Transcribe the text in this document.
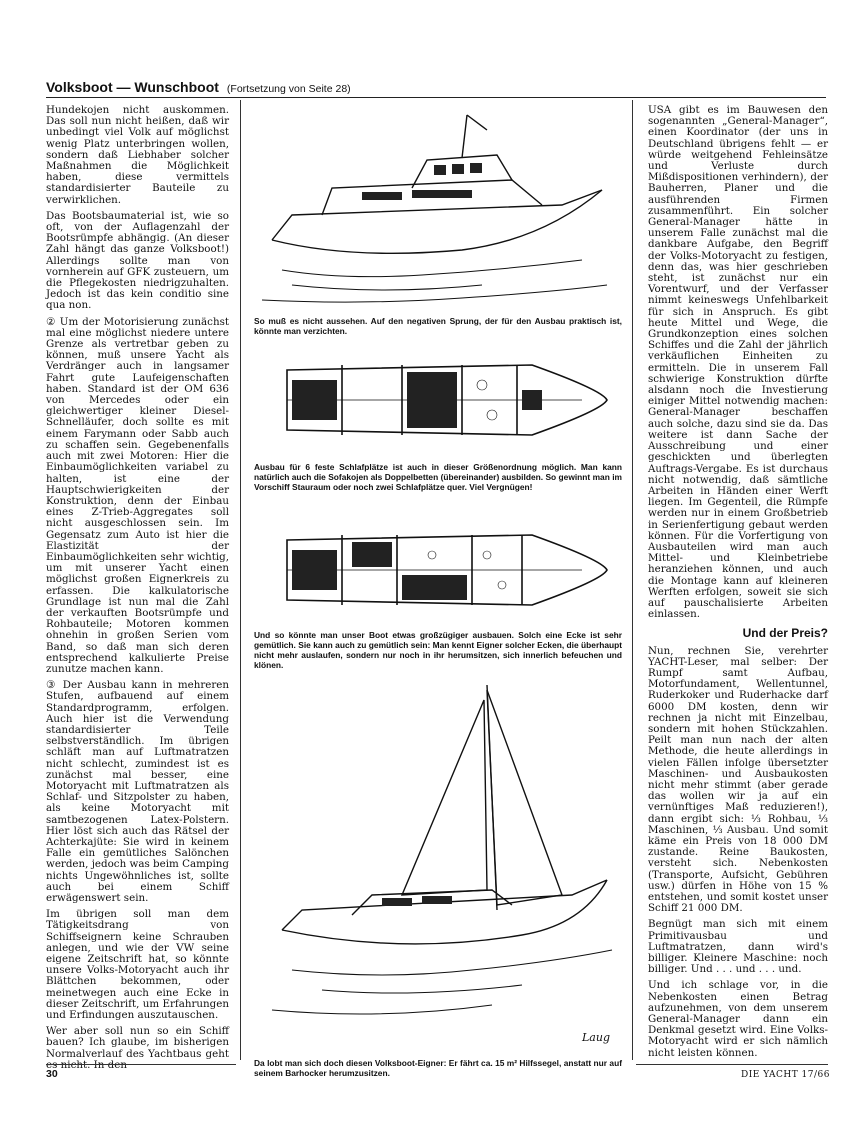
Volksboot — Wunschboot (Fortsetzung von Seite 28)

Hundekojen nicht auskommen. Das soll nun nicht heißen, daß wir unbedingt viel Volk auf möglichst wenig Platz unterbringen wollen, sondern daß Liebhaber solcher Maßnahmen die Möglichkeit haben, diese vermittels standardisierter Bauteile zu verwirklichen.

Das Bootsbaumaterial ist, wie so oft, von der Auflagenzahl der Bootsrümpfe abhängig. (An dieser Zahl hängt das ganze Volksboot!) Allerdings sollte man von vornherein auf GFK zusteuern, um die Pflegekosten niedrigzuhalten. Jedoch ist das kein conditio sine qua non.

② Um der Motorisierung zunächst mal eine möglichst niedere untere Grenze als vertretbar geben zu können, muß unsere Yacht als Verdränger auch in langsamer Fahrt gute Laufeigenschaften haben. Standard ist der OM 636 von Mercedes oder ein gleichwertiger kleiner Diesel-Schnelläufer, doch sollte es mit einem Farymann oder Sabb auch zu schaffen sein. Gegebenenfalls auch mit zwei Motoren: Hier die Einbaumöglichkeiten variabel zu halten, ist eine der Hauptschwierigkeiten der Konstruktion, denn der Einbau eines Z-Trieb-Aggregates soll nicht ausgeschlossen sein. Im Gegensatz zum Auto ist hier die Elastizität der Einbaumöglichkeiten sehr wichtig, um mit unserer Yacht einen möglichst großen Eignerkreis zu erfassen. Die kalkulatorische Grundlage ist nun mal die Zahl der verkauften Bootsrümpfe und Rohbauteile; Motoren kommen ohnehin in großen Serien vom Band, so daß man sich deren entsprechend kalkulierte Preise zunutze machen kann.

③ Der Ausbau kann in mehreren Stufen, aufbauend auf einem Standardprogramm, erfolgen. Auch hier ist die Verwendung standardisierter Teile selbstverständlich. Im übrigen schläft man auf Luftmatratzen nicht schlecht, zumindest ist es zunächst mal besser, eine Motoryacht mit Luftmatratzen als Schlaf- und Sitzpolster zu haben, als keine Motoryacht mit samtbezogenen Latex-Polstern. Hier löst sich auch das Rätsel der Achterkajüte: Sie wird in keinem Falle ein gemütliches Salönchen werden, jedoch was beim Camping nichts Ungewöhnliches ist, sollte auch bei einem Schiff erwägenswert sein.

Im übrigen soll man dem Tätigkeitsdrang von Schiffseignern keine Schrauben anlegen, und wie der VW seine eigene Zeitschrift hat, so könnte unsere Volks-Motoryacht auch ihr Blättchen bekommen, oder meinetwegen auch eine Ecke in dieser Zeitschrift, um Erfahrungen und Erfindungen auszutauschen.

Wer aber soll nun so ein Schiff bauen? Ich glaube, im bisherigen Normalverlauf des Yachtbaus geht es nicht. In den

So muß es nicht aussehen. Auf den negativen Sprung, der für den Ausbau praktisch ist, könnte man verzichten.
Ausbau für 6 feste Schlafplätze ist auch in dieser Größenordnung möglich. Man kann natürlich auch die Sofakojen als Doppelbetten (übereinander) ausbilden. So gewinnt man im Vorschiff Stauraum oder noch zwei Schlafplätze quer. Viel Vergnügen!
Und so könnte man unser Boot etwas großzügiger ausbauen. Solch eine Ecke ist sehr gemütlich. Sie kann auch zu gemütlich sein: Man kennt Eigner solcher Ecken, die überhaupt nicht mehr auslaufen, sondern nur noch in ihr herumsitzen, sich innerlich befeuchen und klönen.
Laug
Da lobt man sich doch diesen Volksboot-Eigner: Er fährt ca. 15 m² Hilfssegel, anstatt nur auf seinem Barhocker herumzusitzen.

USA gibt es im Bauwesen den sogenannten „General-Manager“, einen Koordinator (der uns in Deutschland übrigens fehlt — er würde weitgehend Fehleinsätze und Verluste durch Mißdispositionen verhindern), der Bauherren, Planer und die ausführenden Firmen zusammenführt. Ein solcher General-Manager hätte in unserem Falle zunächst mal die dankbare Aufgabe, den Begriff der Volks-Motoryacht zu festigen, denn das, was hier geschrieben steht, ist zunächst nur ein Vorentwurf, und der Verfasser nimmt keineswegs Unfehlbarkeit für sich in Anspruch. Es gibt heute Mittel und Wege, die Grundkonzeption eines solchen Schiffes und die Zahl der jährlich verkäuflichen Einheiten zu ermitteln. Die in unserem Fall schwierige Konstruktion dürfte alsdann noch die Investierung einiger Mittel notwendig machen: General-Manager beschaffen auch solche, dazu sind sie da. Das weitere ist dann Sache der Ausschreibung und einer geschickten und überlegten Auftrags-Vergabe. Es ist durchaus nicht notwendig, daß sämtliche Arbeiten in Händen einer Werft liegen. Im Gegenteil, die Rümpfe werden nur in einem Großbetrieb in Serienfertigung gebaut werden können. Für die Vorfertigung von Ausbauteilen wird man auch Mittel- und Kleinbetriebe heranziehen können, und auch die Montage kann auf kleineren Werften erfolgen, soweit sie sich auf pauschalisierte Arbeiten einlassen.

Und der Preis?

Nun, rechnen Sie, verehrter YACHT-Leser, mal selber: Der Rumpf samt Aufbau, Motorfundament, Wellentunnel, Ruderkoker und Ruderhacke darf 6000 DM kosten, denn wir rechnen ja nicht mit Einzelbau, sondern mit hohen Stückzahlen. Peilt man nun nach der alten Methode, die heute allerdings in vielen Fällen infolge übersetzter Maschinen- und Ausbaukosten nicht mehr stimmt (aber gerade das wollen wir ja auf ein vernünftiges Maß reduzieren!), dann ergibt sich: ⅓ Rohbau, ⅓ Maschinen, ⅓ Ausbau. Und somit käme ein Preis von 18 000 DM zustande. Reine Baukosten, versteht sich. Nebenkosten (Transporte, Aufsicht, Gebühren usw.) dürfen in Höhe von 15 % entstehen, und somit kostet unser Schiff 21 000 DM.

Begnügt man sich mit einem Primitivausbau und Luftmatratzen, dann wird's billiger. Kleinere Maschine: noch billiger. Und . . . und . . . und.

Und ich schlage vor, in die Nebenkosten einen Betrag aufzunehmen, von dem unserem General-Manager dann ein Denkmal gesetzt wird. Eine Volks-Motoryacht wird er sich nämlich nicht leisten können.

30	DIE YACHT 17/66
